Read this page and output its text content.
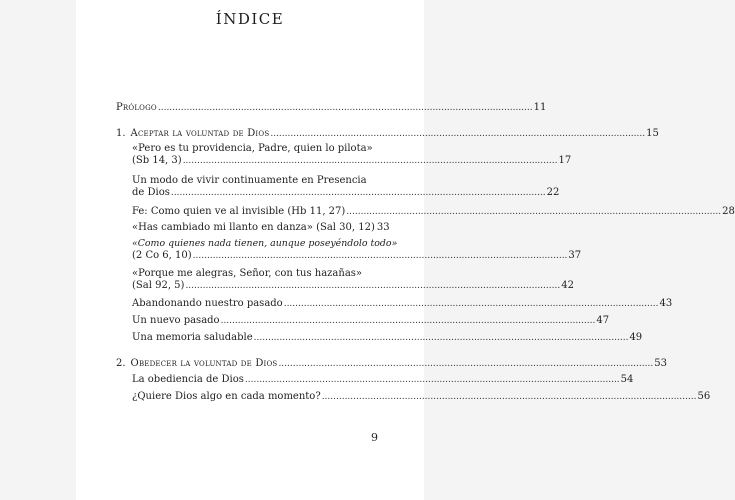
ÍNDICE
Prólogo ................................................................................................................................... 11
1. Aceptar la voluntad de Dios ................................................................................................................................... 15
«Pero es tu providencia, Padre, quien lo pilota»
(Sb 14, 3) ................................................................................................................................... 17
Un modo de vivir continuamente en Presencia
de Dios ................................................................................................................................... 22
Fe: Como quien ve al invisible (Hb 11, 27) ................................................................................................................................... 28
«Has cambiado mi llanto en danza» (Sal 30, 12) 33
«Como quienes nada tienen, aunque poseyéndolo todo»
(2 Co 6, 10) ................................................................................................................................... 37
«Porque me alegras, Señor, con tus hazañas»
(Sal 92, 5) ................................................................................................................................... 42
Abandonando nuestro pasado ................................................................................................................................... 43
Un nuevo pasado ................................................................................................................................... 47
Una memoria saludable ................................................................................................................................... 49
2. Obedecer la voluntad de Dios ................................................................................................................................... 53
La obediencia de Dios ................................................................................................................................... 54
¿Quiere Dios algo en cada momento? ................................................................................................................................... 56
9
